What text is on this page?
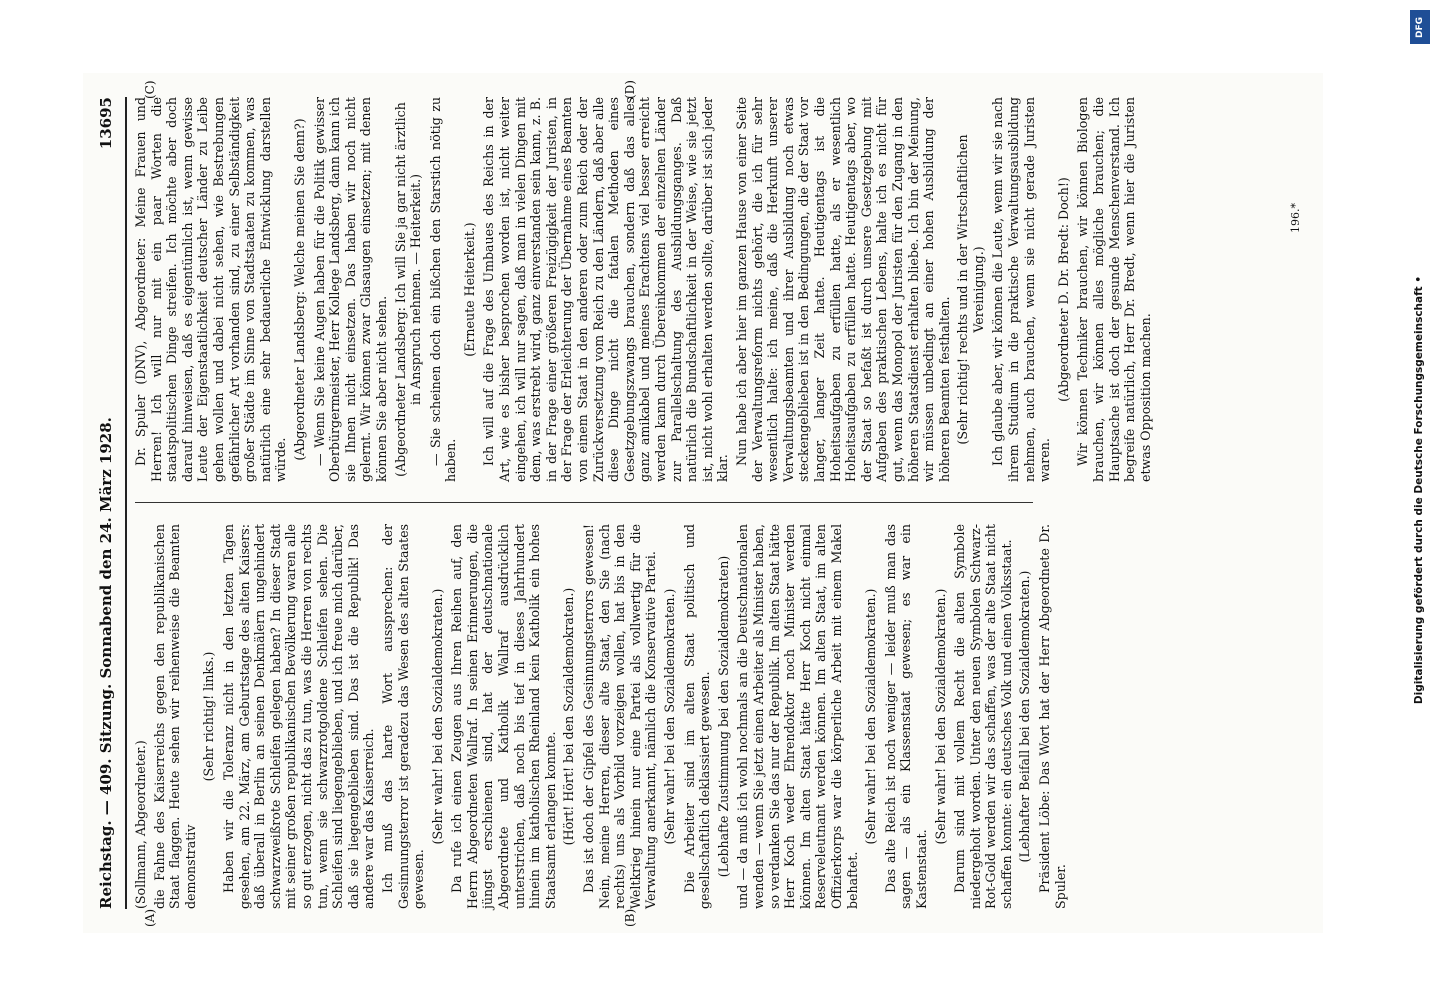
Reichstag. — 409. Sitzung. Sonnabend den 24. März 1928.
13695

(Sollmann, Abgeordneter.) die Fahne des Kaiserreichs gegen den republikanischen Staat flaggen. Heute sehen wir reihenweise die Beamten demonstrativ

(Sehr richtig! links.) Haben wir die Toleranz nicht in den letzten Tagen gesehen, am 22. März, am Geburtstage des alten Kaisers: daß überall in Berlin an seinen Denkmälern ungehindert schwarzweißrote Schleifen gelegen haben? In dieser Stadt mit seiner großen republikanischen Bevölkerung waren alle so gut erzogen, nicht das zu tun, was die Herren von rechts tun, wenn sie schwarzrotgoldene Schleifen sehen. Die Schleifen sind liegengeblieben, und ich freue mich darüber, daß sie liegengeblieben sind. Das ist die Republik! Das andere war das Kaiserreich. Ich muß das harte Wort aussprechen: der Gesinnungsterror ist geradezu das Wesen des alten Staates gewesen.

(Sehr wahr! bei den Sozialdemokraten.) Da rufe ich einen Zeugen aus Ihren Reihen auf, den Herrn Abgeordneten Wallraf. In seinen Erinnerungen, die jüngst erschienen sind, hat der deutschnationale Abgeordnete und Katholik Wallraf ausdrücklich unterstrichen, daß noch bis tief in dieses Jahrhundert hinein im katholischen Rheinland kein Katholik ein hohes Staatsamt erlangen konnte. (Hört! Hört! bei den Sozialdemokraten.) Das ist doch der Gipfel des Gesinnungsterrors gewesen! Nein, meine Herren, dieser alte Staat, den Sie (nach rechts) uns als Vorbild vorzeigen wollen, hat bis in den Weltkrieg hinein nur eine Partei als vollwertig für die Verwaltung anerkannt, nämlich die Konservative Partei. (Sehr wahr! bei den Sozialdemokraten.) Die Arbeiter sind im alten Staat politisch und gesellschaftlich deklassiert gewesen. (Lebhafte Zustimmung bei den Sozialdemokraten) und — da muß ich wohl nochmals an die Deutschnationalen wenden — wenn Sie jetzt einen Arbeiter als Minister haben, so verdanken Sie das nur der Republik. Im alten Staat hätte Herr Koch weder Ehrendoktor noch Minister werden können. Im alten Staat hätte Herr Koch nicht einmal Reserveleutnant werden können. Im alten Staat, im alten Offizierkorps war die körperliche Arbeit mit einem Makel behaftet.

(Sehr wahr! bei den Sozialdemokraten.) Das alte Reich ist noch weniger — leider muß man das sagen — als ein Klassenstaat gewesen; es war ein Kastenstaat.

(Sehr wahr! bei den Sozialdemokraten.) Darum sind mit vollem Recht die alten Symbole niedergeholt worden. Unter den neuen Symbolen Schwarz-Rot-Gold werden wir das schaffen, was der alte Staat nicht schaffen konnte: ein deutsches Volk und einen Volksstaat. (Lebhafter Beifall bei den Sozialdemokraten.) Präsident Löbe: Das Wort hat der Herr Abgeordnete Dr. Spuler.

Dr. Spuler (DNV), Abgeordneter: Meine Frauen und Herren! Ich will nur mit ein paar Worten die staatspolitischen Dinge streifen. Ich möchte aber doch darauf hinweisen, daß es eigentümlich ist, wenn gewisse Leute der Eigenstaatlichkeit deutscher Länder zu Leibe gehen wollen und dabei nicht sehen, wie Bestrebungen gefährlicher Art vorhanden sind, zu einer Selbständigkeit großer Städte im Sinne von Stadtstaaten zu kommen, was natürlich eine sehr bedauerliche Entwicklung darstellen würde. (Abgeordneter Landsberg: Welche meinen Sie denn?) — Wenn Sie keine Augen haben für die Politik gewisser Oberbürgermeister, Herr Kollege Landsberg, dann kann ich sie Ihnen nicht einsetzen. Das haben wir noch nicht gelernt. Wir können zwar Glasaugen einsetzen; mit denen können Sie aber nicht sehen. (Abgeordneter Landsberg: Ich will Sie ja gar nicht ärztlich in Anspruch nehmen. — Heiterkeit.) — Sie scheinen doch ein bißchen den Starstich nötig zu haben.

(Erneute Heiterkeit.) Ich will auf die Frage des Umbaues des Reichs in der Art, wie es bisher besprochen worden ist, nicht weiter eingehen, ich will nur sagen, daß man in vielen Dingen mit dem, was erstrebt wird, ganz einverstanden sein kann, z. B. in der Frage einer größeren Freizügigkeit der Juristen, in der Frage der Erleichterung der Übernahme eines Beamten von einem Staat in den anderen oder zum Reich oder der Zurückversetzung vom Reich zu den Ländern, daß aber alle diese Dinge nicht die fatalen Methoden eines Gesetzgebungszwangs brauchen, sondern daß das alles ganz amikabel und meines Erachtens viel besser erreicht werden kann durch Übereinkommen der einzelnen Länder zur Parallelschaltung des Ausbildungsganges. Daß natürlich die Bundschaftlichkeit in der Weise, wie sie jetzt ist, nicht wohl erhalten werden sollte, darüber ist sich jeder klar.

Nun habe ich aber hier im ganzen Hause von einer Seite der Verwaltungsreform nichts gehört, die ich für sehr wesentlich halte: ich meine, daß die Herkunft unserer Verwaltungsbeamten und ihrer Ausbildung noch etwas steckengeblieben ist in den Bedingungen, die der Staat vor langer, langer Zeit hatte. Heutigentags ist die Hoheitsaufgaben zu erfüllen hatte, als er wesentlich Hoheitsaufgaben zu erfüllen hatte. Heutigentags aber, wo der Staat so befaßt ist durch unsere Gesetzgebung mit Aufgaben des praktischen Lebens, halte ich es nicht für gut, wenn das Monopol der Juristen für den Zugang in den höheren Staatsdienst erhalten bliebe. Ich bin der Meinung, wir müssen unbedingt an einer hohen Ausbildung der höheren Beamten festhalten. (Sehr richtig! rechts und in der Wirtschaftlichen Vereinigung.) Ich glaube aber, wir können die Leute, wenn wir sie nach ihrem Studium in die praktische Verwaltungsausbildung nehmen, auch brauchen, wenn sie nicht gerade Juristen waren.

(Abgeordneter D. Dr. Bredt: Doch!) Wir können Techniker brauchen, wir können Biologen brauchen, wir können alles mögliche brauchen; die Hauptsache ist doch der gesunde Menschenverstand. Ich begreife natürlich, Herr Dr. Bredt, wenn hier die Juristen etwas Opposition machen.

(A)	(B)
(C)	(D)
196.*
DFG
Digitalisierung gefördert durch die Deutsche Forschungsgemeinschaft •
